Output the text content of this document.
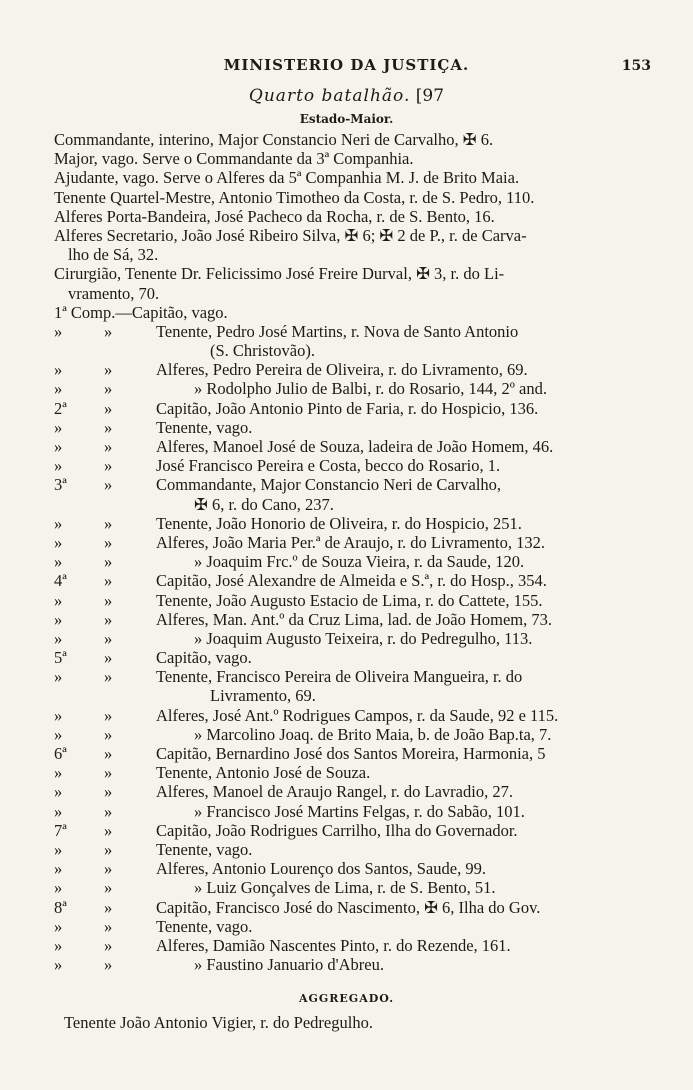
MINISTERIO DA JUSTIÇA.	153
Quarto batalhão. [97
Estado-Maior.
Commandante, interino, Major Constancio Neri de Carvalho, ✠ 6.
Major, vago. Serve o Commandante da 3ª Companhia.
Ajudante, vago. Serve o Alferes da 5ª Companhia M. J. de Brito Maia.
Tenente Quartel-Mestre, Antonio Timotheo da Costa, r. de S. Pedro, 110.
Alferes Porta-Bandeira, José Pacheco da Rocha, r. de S. Bento, 16.
Alferes Secretario, João José Ribeiro Silva, ✠ 6; ✠ 2 de P., r. de Carva-
lho de Sá, 32.
Cirurgião, Tenente Dr. Felicissimo José Freire Durval, ✠ 3, r. do Li-
vramento, 70.
1ª Comp.—Capitão, vago.
»	»	Tenente, Pedro José Martins, r. Nova de Santo Antonio
(S. Christovão).
»	»	Alferes, Pedro Pereira de Oliveira, r. do Livramento, 69.
»	»	» Rodolpho Julio de Balbi, r. do Rosario, 144, 2º and.
2ª	»	Capitão, João Antonio Pinto de Faria, r. do Hospicio, 136.
»	»	Tenente, vago.
»	»	Alferes, Manoel José de Souza, ladeira de João Homem, 46.
»	»	José Francisco Pereira e Costa, becco do Rosario, 1.
3ª	»	Commandante, Major Constancio Neri de Carvalho,
✠ 6, r. do Cano, 237.
»	»	Tenente, João Honorio de Oliveira, r. do Hospicio, 251.
»	»	Alferes, João Maria Per.ª de Araujo, r. do Livramento, 132.
»	»	» Joaquim Frc.º de Souza Vieira, r. da Saude, 120.
4ª	»	Capitão, José Alexandre de Almeida e S.ª, r. do Hosp., 354.
»	»	Tenente, João Augusto Estacio de Lima, r. do Cattete, 155.
»	»	Alferes, Man. Ant.º da Cruz Lima, lad. de João Homem, 73.
»	»	» Joaquim Augusto Teixeira, r. do Pedregulho, 113.
5ª	»	Capitão, vago.
»	»	Tenente, Francisco Pereira de Oliveira Mangueira, r. do
Livramento, 69.
»	»	Alferes, José Ant.º Rodrigues Campos, r. da Saude, 92 e 115.
»	»	» Marcolino Joaq. de Brito Maia, b. de João Bap.ta, 7.
6ª	»	Capitão, Bernardino José dos Santos Moreira, Harmonia, 5
»	»	Tenente, Antonio José de Souza.
»	»	Alferes, Manoel de Araujo Rangel, r. do Lavradio, 27.
»	»	» Francisco José Martins Felgas, r. do Sabão, 101.
7ª	»	Capitão, João Rodrigues Carrilho, Ilha do Governador.
»	»	Tenente, vago.
»	»	Alferes, Antonio Lourenço dos Santos, Saude, 99.
»	»	» Luiz Gonçalves de Lima, r. de S. Bento, 51.
8ª	»	Capitão, Francisco José do Nascimento, ✠ 6, Ilha do Gov.
»	»	Tenente, vago.
»	»	Alferes, Damião Nascentes Pinto, r. do Rezende, 161.
»	»	» Faustino Januario d'Abreu.
AGGREGADO.
Tenente João Antonio Vigier, r. do Pedregulho.
